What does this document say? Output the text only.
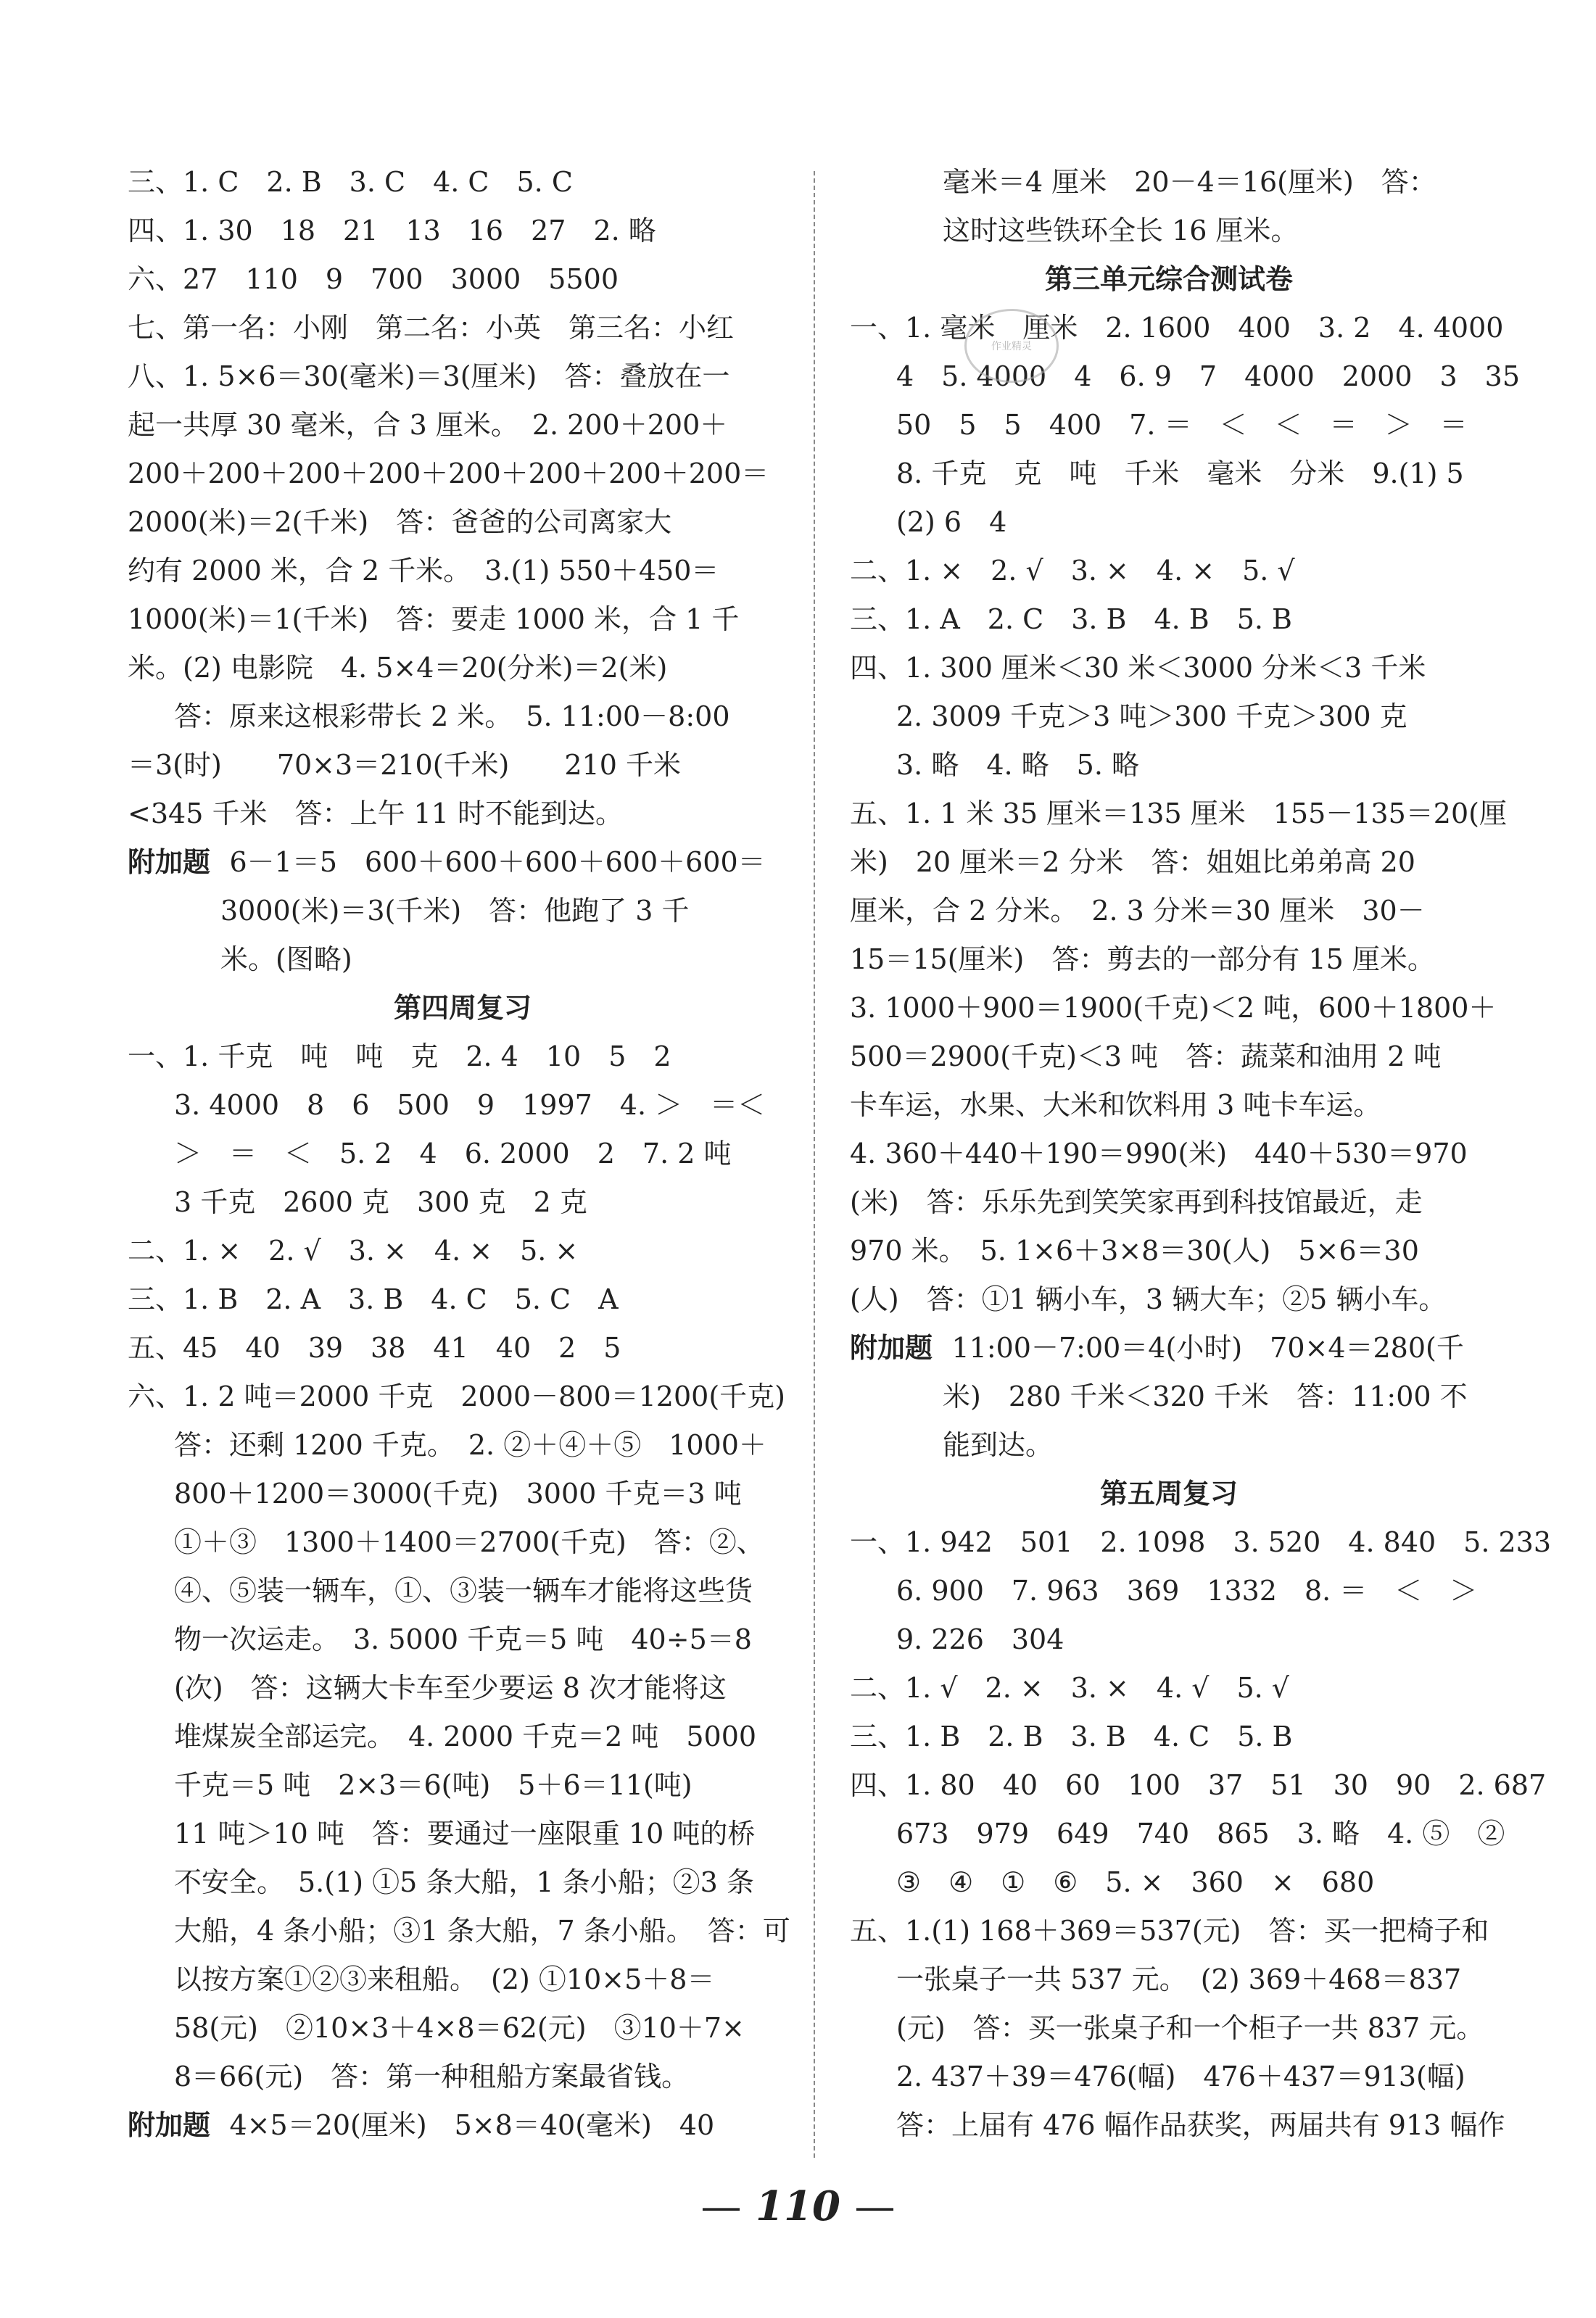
三、1. C　2. B　3. C　4. C　5. C
四、1. 30　18　21　13　16　27　2. 略
六、27　110　9　700　3000　5500
七、第一名：小刚　第二名：小英　第三名：小红
八、1. 5×6＝30(毫米)＝3(厘米)　答：叠放在一
起一共厚 30 毫米，合 3 厘米。　2. 200＋200＋
200＋200＋200＋200＋200＋200＋200＋200＝
2000(米)＝2(千米)　答：爸爸的公司离家大
约有 2000 米，合 2 千米。　3.(1) 550＋450＝
1000(米)＝1(千米)　答：要走 1000 米，合 1 千
米。(2) 电影院　4. 5×4＝20(分米)＝2(米)
答：原来这根彩带长 2 米。　5. 11:00－8:00
＝3(时)　　70×3＝210(千米)　　210 千米
<345 千米　答：上午 11 时不能到达。
附加题  6－1＝5　600＋600＋600＋600＋600＝
3000(米)＝3(千米)　答：他跑了 3 千
米。(图略)
第四周复习
一、1. 千克　吨　吨　克　2. 4　10　5　2
3. 4000　8　6　500　9　1997　4. ＞　＝＜
＞　＝　＜　5. 2　4　6. 2000　2　7. 2 吨
3 千克　2600 克　300 克　2 克
二、1. ×　2. √　3. ×　4. ×　5. ×
三、1. B　2. A　3. B　4. C　5. C　A
五、45　40　39　38　41　40　2　5
六、1. 2 吨＝2000 千克　2000－800＝1200(千克)
答：还剩 1200 千克。　2. ②＋④＋⑤　1000＋
800＋1200＝3000(千克)　3000 千克＝3 吨
①＋③　1300＋1400＝2700(千克)　答：②、
④、⑤装一辆车，①、③装一辆车才能将这些货
物一次运走。　3. 5000 千克＝5 吨　40÷5＝8
(次)　答：这辆大卡车至少要运 8 次才能将这
堆煤炭全部运完。　4. 2000 千克＝2 吨　5000
千克＝5 吨　2×3＝6(吨)　5＋6＝11(吨)
11 吨＞10 吨　答：要通过一座限重 10 吨的桥
不安全。　5.(1) ①5 条大船，1 条小船；②3 条
大船，4 条小船；③1 条大船，7 条小船。　答：可
以按方案①②③来租船。　(2) ①10×5＋8＝
58(元)　②10×3＋4×8＝62(元)　③10＋7×
8＝66(元)　答：第一种租船方案最省钱。
附加题  4×5＝20(厘米)　5×8＝40(毫米)　40
毫米＝4 厘米　20－4＝16(厘米)　答：
这时这些铁环全长 16 厘米。
第三单元综合测试卷
一、1. 毫米　厘米　2. 1600　400　3. 2　4. 4000
4　5. 4000　4　6. 9　7　4000　2000　3　35
50　5　5　400　7. ＝　＜　＜　＝　＞　＝
8. 千克　克　吨　千米　毫米　分米　9.(1) 5
(2) 6　4
二、1. ×　2. √　3. ×　4. ×　5. √
三、1. A　2. C　3. B　4. B　5. B
四、1. 300 厘米＜30 米＜3000 分米＜3 千米
2. 3009 千克＞3 吨＞300 千克＞300 克
3. 略　4. 略　5. 略
五、1. 1 米 35 厘米＝135 厘米　155－135＝20(厘
米)　20 厘米＝2 分米　答：姐姐比弟弟高 20
厘米，合 2 分米。　2. 3 分米＝30 厘米　30－
15＝15(厘米)　答：剪去的一部分有 15 厘米。
3. 1000＋900＝1900(千克)＜2 吨，600＋1800＋
500＝2900(千克)＜3 吨　答：蔬菜和油用 2 吨
卡车运，水果、大米和饮料用 3 吨卡车运。
4. 360＋440＋190＝990(米)　440＋530＝970
(米)　答：乐乐先到笑笑家再到科技馆最近，走
970 米。　5. 1×6＋3×8＝30(人)　5×6＝30
(人)　答：①1 辆小车，3 辆大车；②5 辆小车。
附加题  11:00－7:00＝4(小时)　70×4＝280(千
米)　280 千米＜320 千米　答：11:00 不
能到达。
第五周复习
一、1. 942　501　2. 1098　3. 520　4. 840　5. 233
6. 900　7. 963　369　1332　8. ＝　＜　＞
9. 226　304
二、1. √　2. ×　3. ×　4. √　5. √
三、1. B　2. B　3. B　4. C　5. B
四、1. 80　40　60　100　37　51　30　90　2. 687
673　979　649　740　865　3. 略　4. ⑤　②
③　④　①　⑥　5. ×　360　×　680
五、1.(1) 168＋369＝537(元)　答：买一把椅子和
一张桌子一共 537 元。　(2) 369＋468＝837
(元)　答：买一张桌子和一个柜子一共 837 元。
2. 437＋39＝476(幅)　476＋437＝913(幅)
答：上届有 476 幅作品获奖，两届共有 913 幅作
作业精灵
— 110 —
